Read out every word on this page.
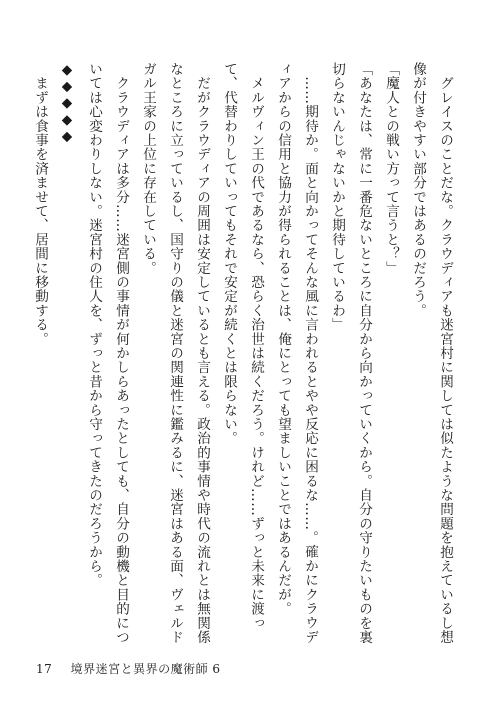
　グレイスのことだな。クラウディアも迷宮村に関しては似たような問題を抱えているし想像が付きやすい部分ではあるのだろう。

「魔人との戦い方って言うと？」

「あなたは、常に一番危ないところに自分から向かっていくから。自分の守りたいものを裏切らないんじゃないかと期待しているわ」

　……期待か。面と向かってそんな風に言われるとやや反応に困るな……。確かにクラウディアからの信用と協力が得られることは、俺にとっても望ましいことではあるんだが。

　メルヴィン王の代であるなら、恐らく治世は続くだろう。けれど……ずっと未来に渡って、代替わりしていってもそれで安定が続くとは限らない。

　だがクラウディアの周囲は安定しているとも言える。政治的事情や時代の流れとは無関係なところに立っているし、国守りの儀と迷宮の関連性に鑑みるに、迷宮はある面、ヴェルドガル王家の上位に存在している。

　クラウディアは多分……迷宮側の事情が何かしらあったとしても、自分の動機と目的については心変わりしない。迷宮村の住人を、ずっと昔から守ってきたのだろうから。

◆◆◆◆◆

　まずは食事を済ませて、居間に移動する。

17 境界迷宮と異界の魔術師 6
